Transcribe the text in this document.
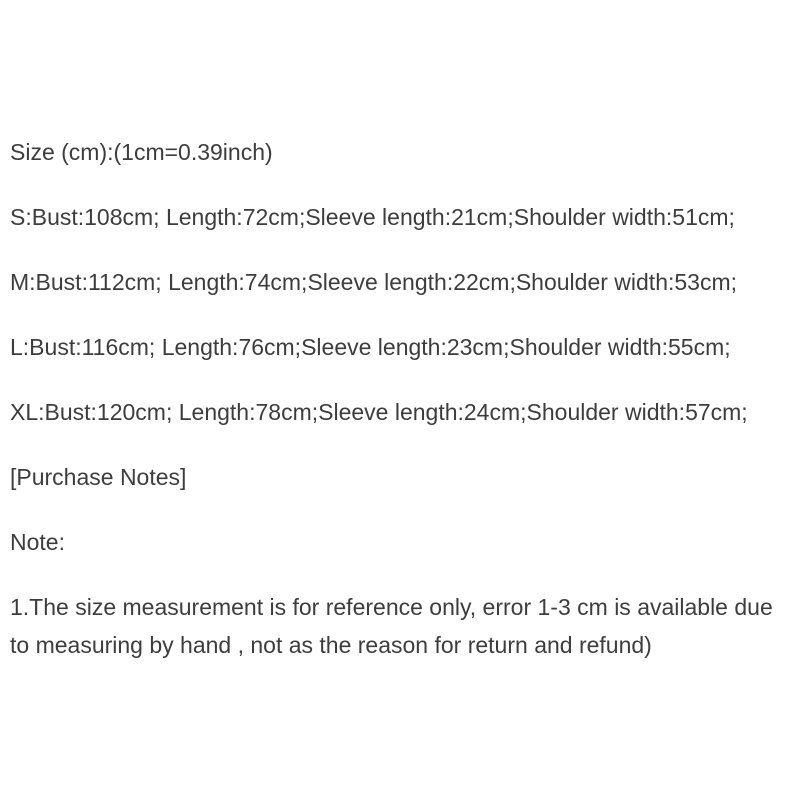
Size (cm):(1cm=0.39inch)

S:Bust:108cm; Length:72cm;Sleeve length:21cm;Shoulder width:51cm;

M:Bust:112cm; Length:74cm;Sleeve length:22cm;Shoulder width:53cm;

L:Bust:116cm; Length:76cm;Sleeve length:23cm;Shoulder width:55cm;

XL:Bust:120cm; Length:78cm;Sleeve length:24cm;Shoulder width:57cm;

[Purchase Notes]

Note:

1.The size measurement is for reference only, error 1-3 cm is available due to measuring by hand , not as the reason for return and refund)
